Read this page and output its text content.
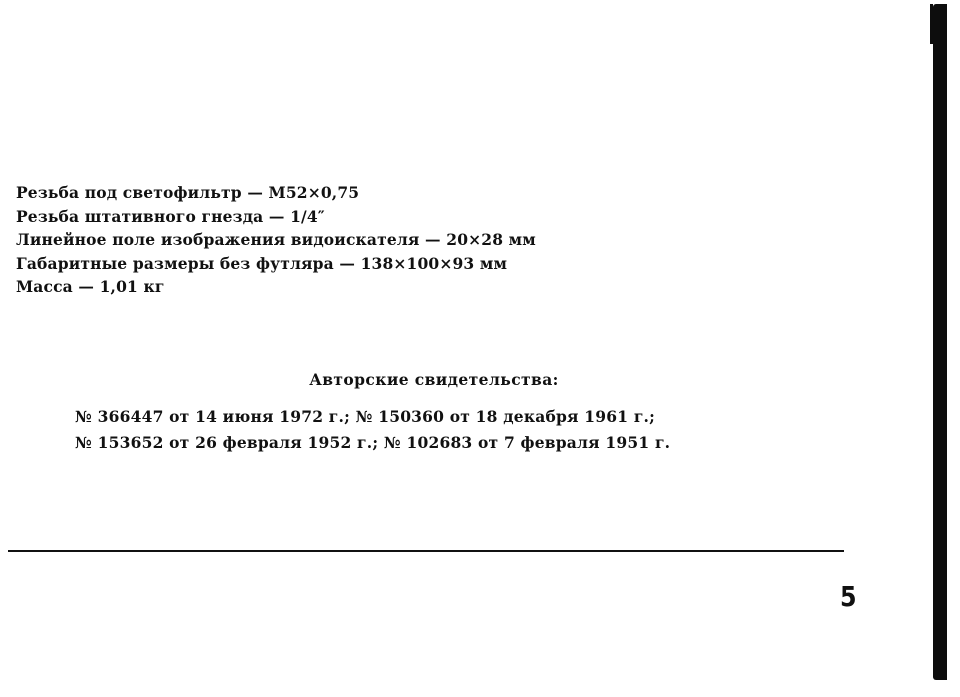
Резьба под светофильтр — М52×0,75
Резьба штативного гнезда — 1/4″
Линейное поле изображения видоискателя — 20×28 мм
Габаритные размеры без футляра — 138×100×93 мм
Масса — 1,01 кг
Авторские свидетельства:
№ 366447 от 14 июня 1972 г.; № 150360 от 18 декабря 1961 г.;
№ 153652 от 26 февраля 1952 г.; № 102683 от 7 февраля 1951 г.
5
